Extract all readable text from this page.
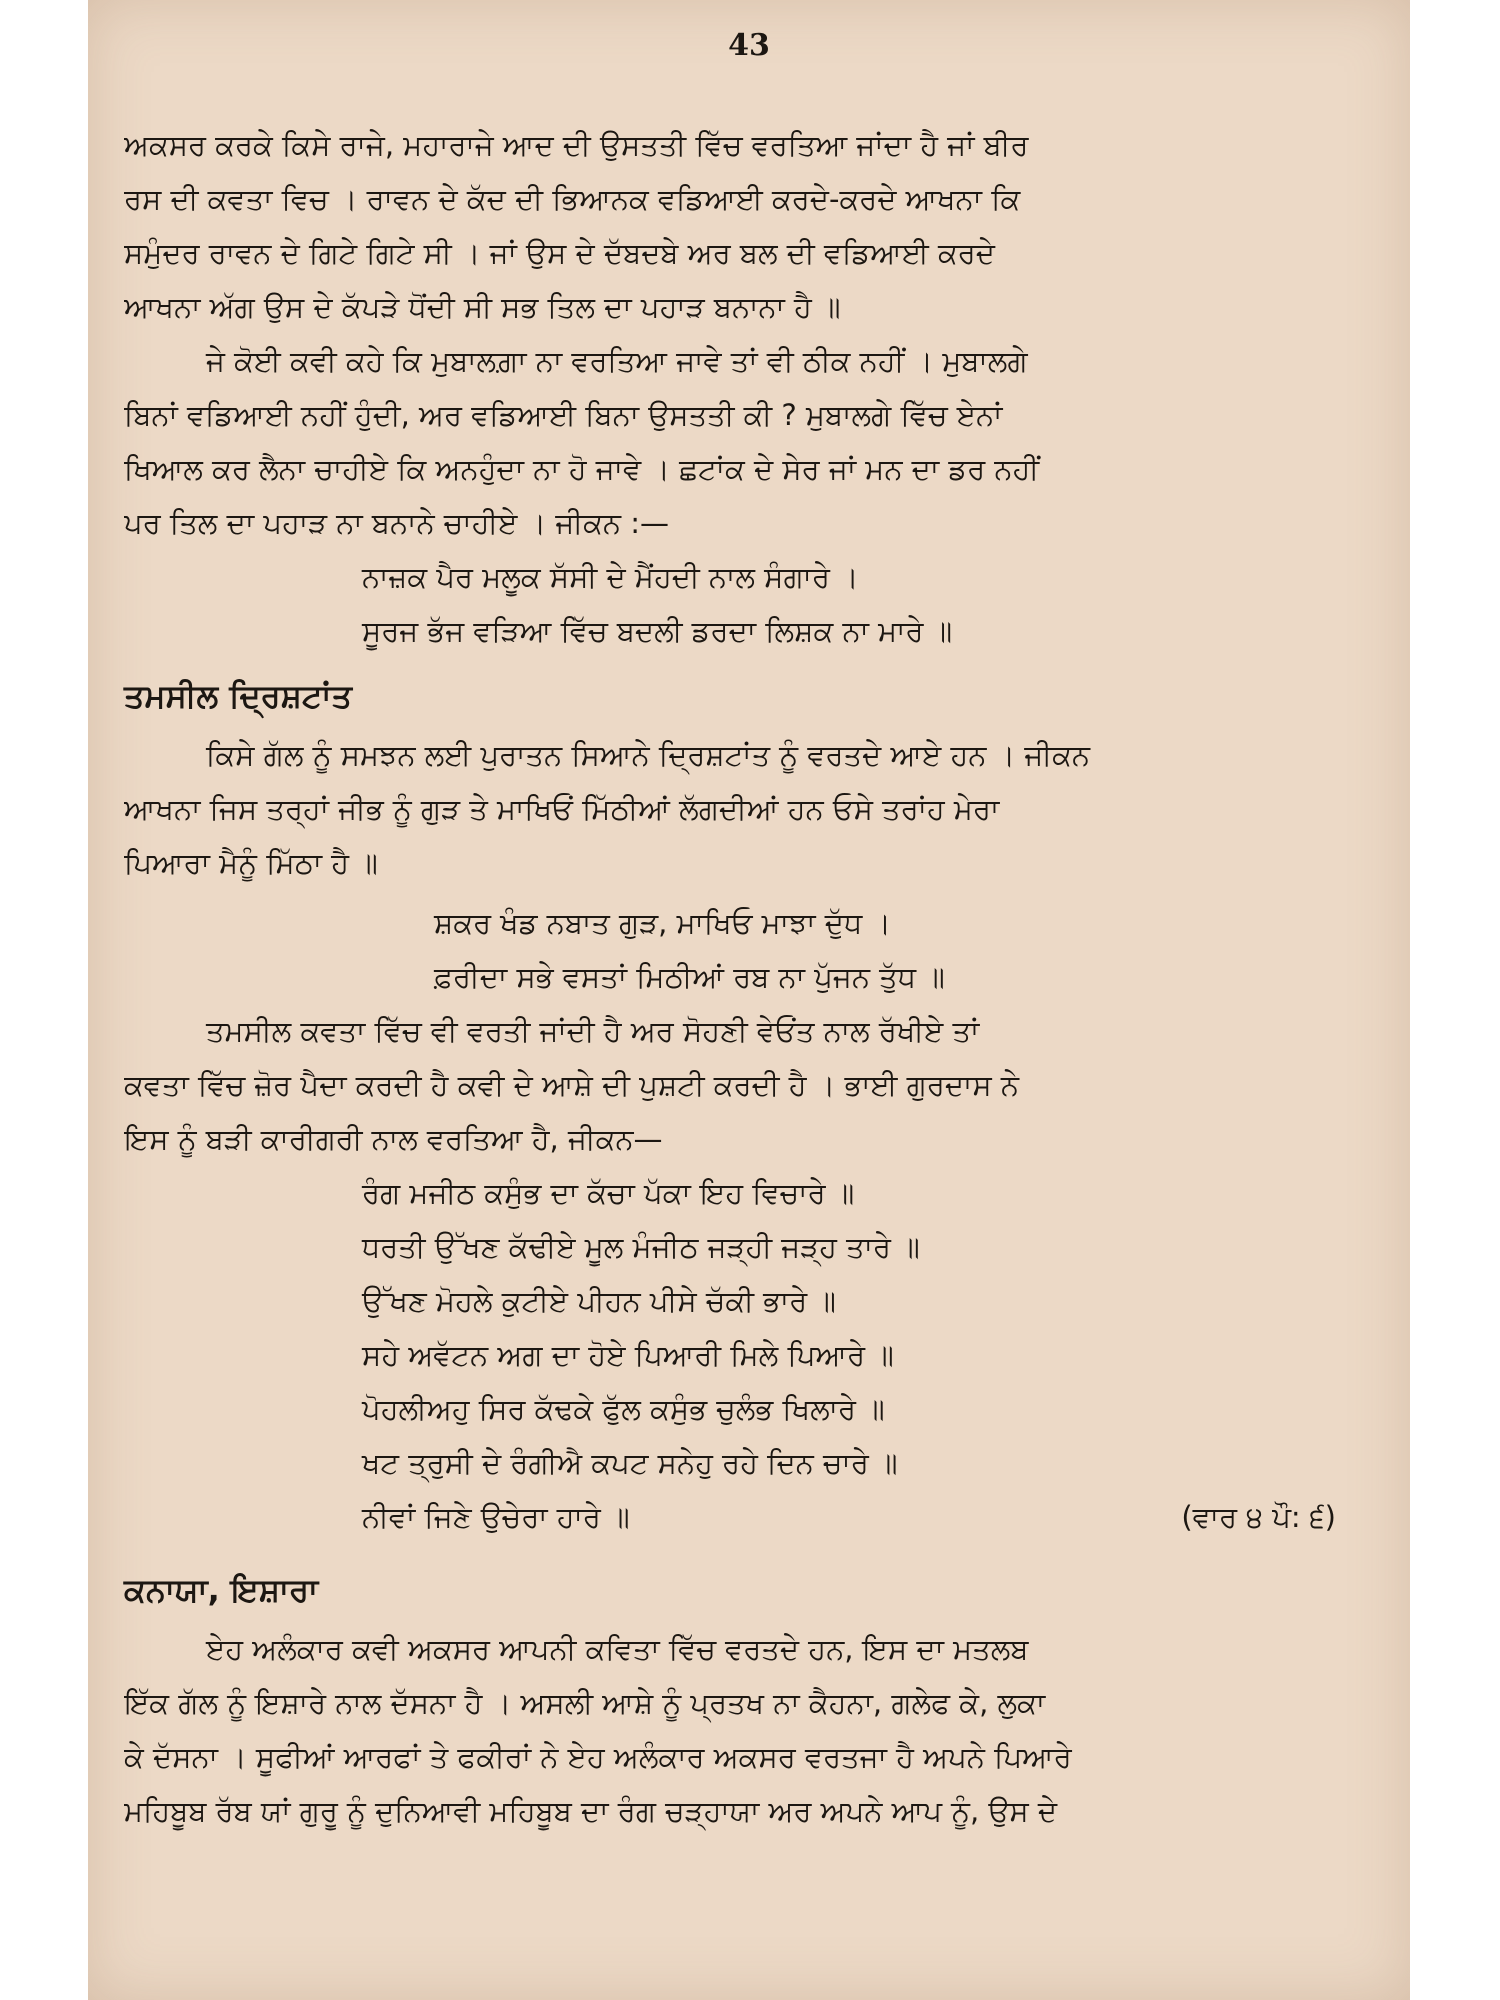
43
ਅਕਸਰ ਕਰਕੇ ਕਿਸੇ ਰਾਜੇ, ਮਹਾਰਾਜੇ ਆਦ ਦੀ ਉਸਤਤੀ ਵਿੱਚ ਵਰਤਿਆ ਜਾਂਦਾ ਹੈ ਜਾਂ ਬੀਰ
ਰਸ ਦੀ ਕਵਤਾ ਵਿਚ । ਰਾਵਨ ਦੇ ਕੱਦ ਦੀ ਭਿਆਨਕ ਵਡਿਆਈ ਕਰਦੇ-ਕਰਦੇ ਆਖਨਾ ਕਿ
ਸਮੁੰਦਰ ਰਾਵਨ ਦੇ ਗਿਟੇ ਗਿਟੇ ਸੀ । ਜਾਂ ਉਸ ਦੇ ਦੱਬਦਬੇ ਅਰ ਬਲ ਦੀ ਵਡਿਆਈ ਕਰਦੇ
ਆਖਨਾ ਅੱਗ ਉਸ ਦੇ ਕੱਪੜੇ ਧੋਂਦੀ ਸੀ ਸਭ ਤਿਲ ਦਾ ਪਹਾੜ ਬਨਾਨਾ ਹੈ ॥
ਜੇ ਕੋਈ ਕਵੀ ਕਹੇ ਕਿ ਮੁਬਾਲਗ਼ਾ ਨਾ ਵਰਤਿਆ ਜਾਵੇ ਤਾਂ ਵੀ ਠੀਕ ਨਹੀਂ । ਮੁਬਾਲਗੇ
ਬਿਨਾਂ ਵਡਿਆਈ ਨਹੀਂ ਹੁੰਦੀ, ਅਰ ਵਡਿਆਈ ਬਿਨਾ ਉਸਤਤੀ ਕੀ ? ਮੁਬਾਲਗੇ ਵਿੱਚ ਏਨਾਂ
ਖਿਆਲ ਕਰ ਲੈਨਾ ਚਾਹੀਏ ਕਿ ਅਨਹੁੰਦਾ ਨਾ ਹੋ ਜਾਵੇ । ਛਟਾਂਕ ਦੇ ਸੇਰ ਜਾਂ ਮਨ ਦਾ ਡਰ ਨਹੀਂ
ਪਰ ਤਿਲ ਦਾ ਪਹਾੜ ਨਾ ਬਨਾਨੇ ਚਾਹੀਏ । ਜੀਕਨ :—
ਨਾਜ਼ਕ ਪੈਰ ਮਲੂਕ ਸੱਸੀ ਦੇ ਮੈਂਹਦੀ ਨਾਲ ਸੰਗਾਰੇ ।
ਸੂਰਜ ਭੱਜ ਵੜਿਆ ਵਿੱਚ ਬਦਲੀ ਡਰਦਾ ਲਿਸ਼ਕ ਨਾ ਮਾਰੇ ॥
ਤਮਸੀਲ ਦ੍ਰਿਸ਼ਟਾਂਤ
ਕਿਸੇ ਗੱਲ ਨੂੰ ਸਮਝਨ ਲਈ ਪੁਰਾਤਨ ਸਿਆਨੇ ਦ੍ਰਿਸ਼ਟਾਂਤ ਨੂੰ ਵਰਤਦੇ ਆਏ ਹਨ । ਜੀਕਨ
ਆਖਨਾ ਜਿਸ ਤਰ੍ਹਾਂ ਜੀਭ ਨੂੰ ਗੁੜ ਤੇ ਮਾਖਿਓਂ ਮਿੱਠੀਆਂ ਲੱਗਦੀਆਂ ਹਨ ਓਸੇ ਤਰਾਂਹ ਮੇਰਾ
ਪਿਆਰਾ ਮੈਨੂੰ ਮਿੱਠਾ ਹੈ ॥
ਸ਼ਕਰ ਖੰਡ ਨਬਾਤ ਗੁੜ, ਮਾਖਿਓ ਮਾਝਾ ਦੁੱਧ ।
ਫ਼ਰੀਦਾ ਸਭੇ ਵਸਤਾਂ ਮਿਠੀਆਂ ਰਬ ਨਾ ਪੁੱਜਨ ਤੁੱਧ ॥
ਤਮਸੀਲ ਕਵਤਾ ਵਿੱਚ ਵੀ ਵਰਤੀ ਜਾਂਦੀ ਹੈ ਅਰ ਸੋਹਣੀ ਵੇਓਂਤ ਨਾਲ ਰੱਖੀਏ ਤਾਂ
ਕਵਤਾ ਵਿੱਚ ਜ਼ੋਰ ਪੈਦਾ ਕਰਦੀ ਹੈ ਕਵੀ ਦੇ ਆਸ਼ੇ ਦੀ ਪੁਸ਼ਟੀ ਕਰਦੀ ਹੈ । ਭਾਈ ਗੁਰਦਾਸ ਨੇ
ਇਸ ਨੂੰ ਬੜੀ ਕਾਰੀਗਰੀ ਨਾਲ ਵਰਤਿਆ ਹੈ, ਜੀਕਨ—
ਰੰਗ ਮਜੀਠ ਕਸੁੰਭ ਦਾ ਕੱਚਾ ਪੱਕਾ ਇਹ ਵਿਚਾਰੇ ॥
ਧਰਤੀ ਉੱਖਣ ਕੱਢੀਏ ਮੂਲ ਮੰਜੀਠ ਜੜ੍ਹੀ ਜੜ੍ਹ ਤਾਰੇ ॥
ਉੱਖਣ ਮੋਹਲੇ ਕੁਟੀਏ ਪੀਹਨ ਪੀਸੇ ਚੱਕੀ ਭਾਰੇ ॥
ਸਹੇ ਅਵੱਟਨ ਅਗ ਦਾ ਹੋਏ ਪਿਆਰੀ ਮਿਲੇ ਪਿਆਰੇ ॥
ਪੋਹਲੀਅਹੁ ਸਿਰ ਕੱਢਕੇ ਫੁੱਲ ਕਸੁੰਭ ਚੁਲੰਭ ਖਿਲਾਰੇ ॥
ਖਟ ਤ੍ਰੁਸੀ ਦੇ ਰੰਗੀਐ ਕਪਟ ਸਨੇਹੁ ਰਹੇ ਦਿਨ ਚਾਰੇ ॥
ਨੀਵਾਂ ਜਿਣੇ ਉਚੇਰਾ ਹਾਰੇ ॥	(ਵਾਰ ੪ ਪੌ: ੬)
ਕਨਾਯਾ, ਇਸ਼ਾਰਾ
ਏਹ ਅਲੰਕਾਰ ਕਵੀ ਅਕਸਰ ਆਪਨੀ ਕਵਿਤਾ ਵਿੱਚ ਵਰਤਦੇ ਹਨ, ਇਸ ਦਾ ਮਤਲਬ
ਇੱਕ ਗੱਲ ਨੂੰ ਇਸ਼ਾਰੇ ਨਾਲ ਦੱਸਨਾ ਹੈ । ਅਸਲੀ ਆਸ਼ੇ ਨੂੰ ਪ੍ਰਤਖ ਨਾ ਕੈਹਨਾ, ਗਲੇਫ ਕੇ, ਲੁਕਾ
ਕੇ ਦੱਸਨਾ । ਸੂਫੀਆਂ ਆਰਫਾਂ ਤੇ ਫਕੀਰਾਂ ਨੇ ਏਹ ਅਲੰਕਾਰ ਅਕਸਰ ਵਰਤਜਾ ਹੈ ਅਪਨੇ ਪਿਆਰੇ
ਮਹਿਬੂਬ ਰੱਬ ਯਾਂ ਗੁਰੂ ਨੂੰ ਦੁਨਿਆਵੀ ਮਹਿਬੂਬ ਦਾ ਰੰਗ ਚੜ੍ਹਾਯਾ ਅਰ ਅਪਨੇ ਆਪ ਨੂੰ, ਉਸ ਦੇ
